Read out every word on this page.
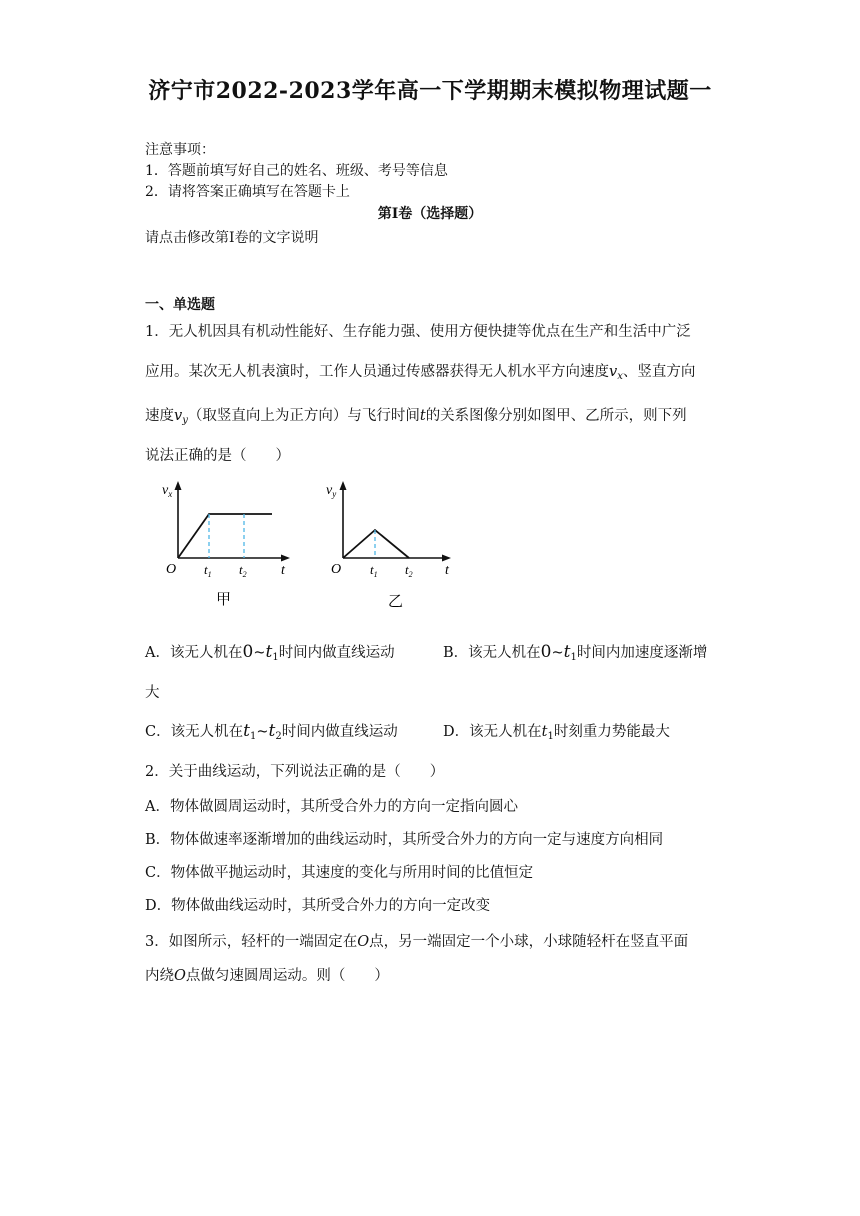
济宁市2022-2023学年高一下学期期末模拟物理试题一
注意事项：
1．答题前填写好自己的姓名、班级、考号等信息
2．请将答案正确填写在答题卡上
第I卷（选择题）
请点击修改第I卷的文字说明
一、单选题
1．无人机因具有机动性能好、生存能力强、使用方便快捷等优点在生产和生活中广泛
应用。某次无人机表演时，工作人员通过传感器获得无人机水平方向速度$v_x$、竖直方向
速度$v_y$（取竖直向上为正方向）与飞行时间t的关系图像分别如图甲、乙所示，则下列
说法正确的是（　　）
$v_x$
O $t_1$ $t_2$ t
甲
$v_y$
O $t_1$ $t_2$ t
乙
A．该无人机在$0\sim t_1$时间内做直线运动	B．该无人机在$0\sim t_1$时间内加速度逐渐增
大
C．该无人机在$t_1\sim t_2$时间内做直线运动	D．该无人机在$t_1$时刻重力势能最大
2．关于曲线运动，下列说法正确的是（　　）
A．物体做圆周运动时，其所受合外力的方向一定指向圆心
B．物体做速率逐渐增加的曲线运动时，其所受合外力的方向一定与速度方向相同
C．物体做平抛运动时，其速度的变化与所用时间的比值恒定
D．物体做曲线运动时，其所受合外力的方向一定改变
3．如图所示，轻杆的一端固定在O点，另一端固定一个小球，小球随轻杆在竖直平面
内绕O点做匀速圆周运动。则（　　）
